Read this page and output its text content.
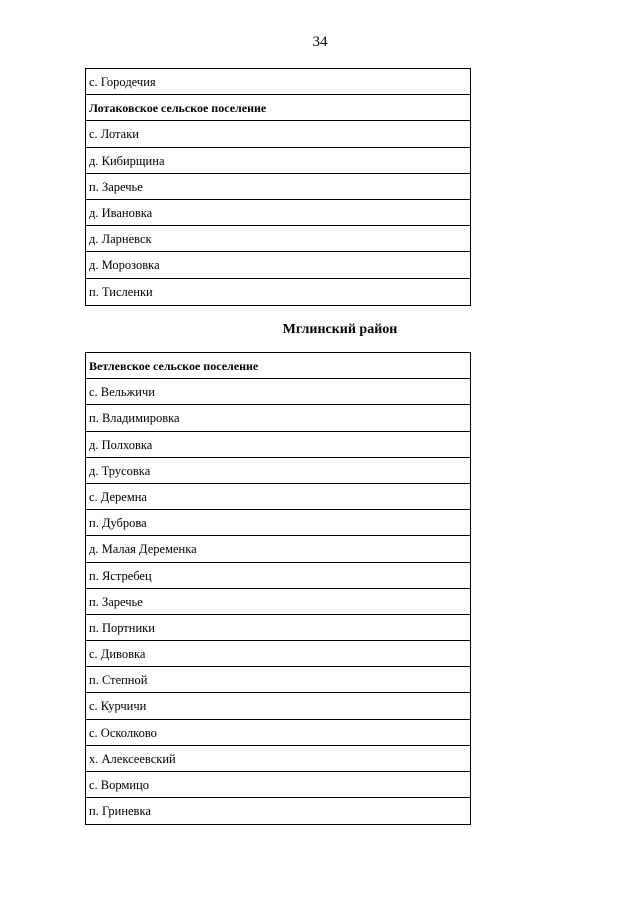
34
с. Городечия
Лотаковское сельское поселение
с. Лотаки
д. Кибирщина
п. Заречье
д. Ивановка
д. Ларневск
д. Морозовка
п. Тисленки
Мглинский район
Ветлевское сельское поселение
с. Вельжичи
п. Владимировка
д. Полховка
д. Трусовка
с. Деремна
п. Дуброва
д. Малая Деременка
п. Ястребец
п. Заречье
п. Портники
с. Дивовка
п. Степной
с. Курчичи
с. Осколково
х. Алексеевский
с. Вормицо
п. Гриневка
